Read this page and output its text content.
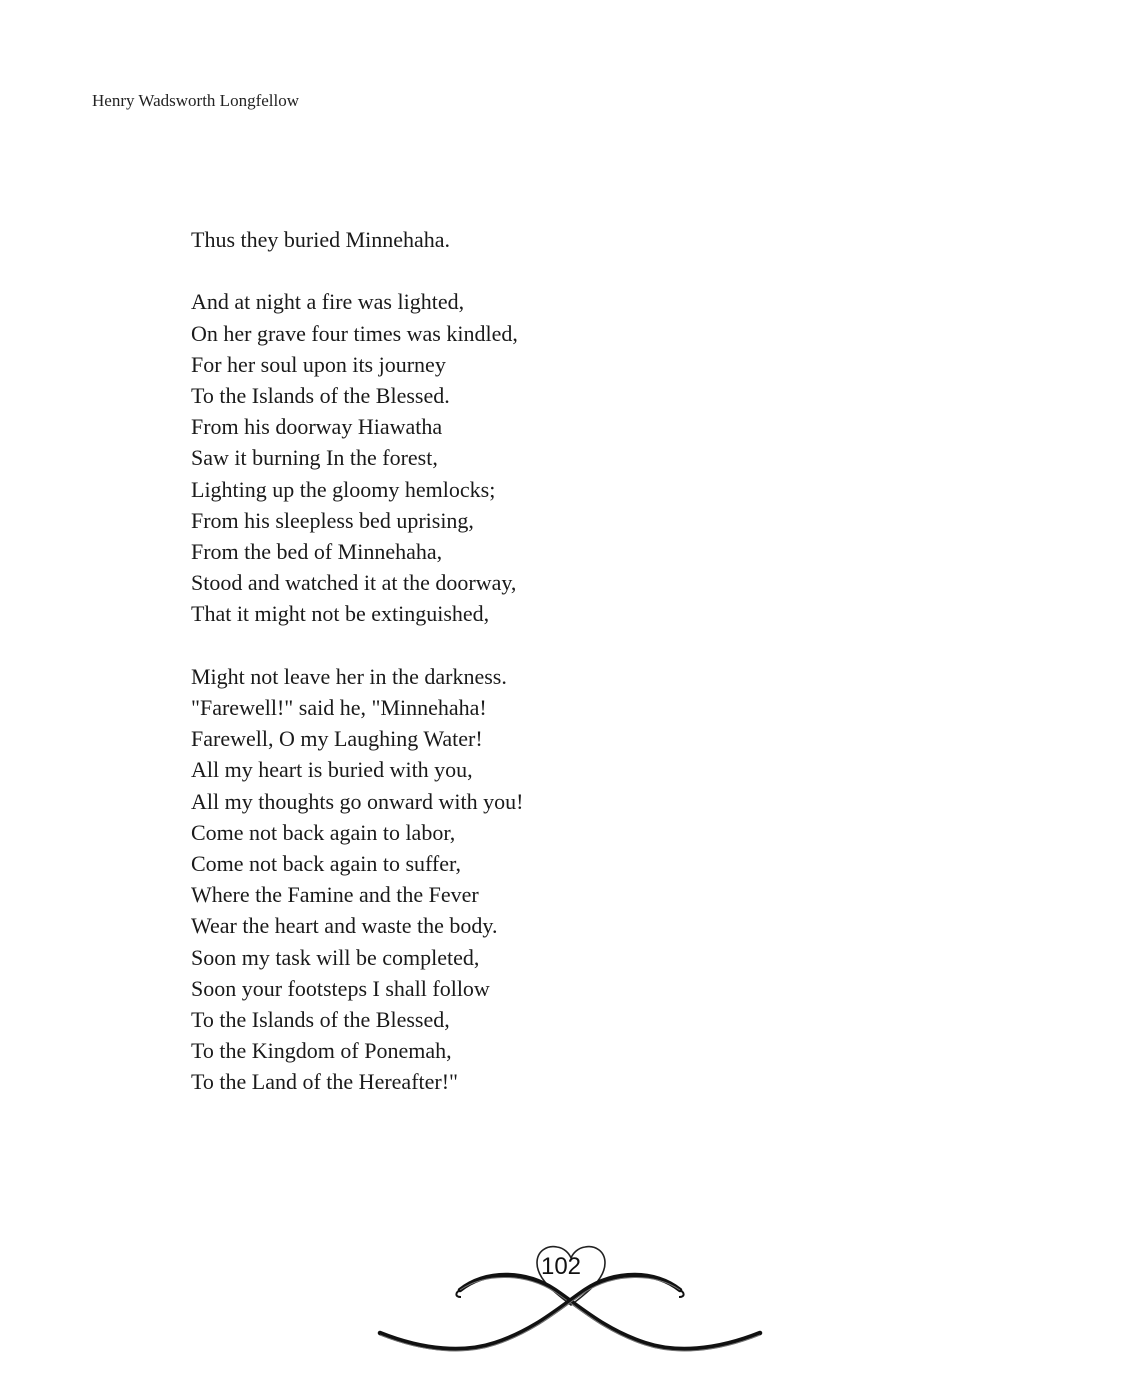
Henry Wadsworth Longfellow
Thus they buried Minnehaha.
And at night a fire was lighted,
On her grave four times was kindled,
For her soul upon its journey
To the Islands of the Blessed.
From his doorway Hiawatha
Saw it burning In the forest,
Lighting up the gloomy hemlocks;
From his sleepless bed uprising,
From the bed of Minnehaha,
Stood and watched it at the doorway,
That it might not be extinguished,
Might not leave her in the darkness.
"Farewell!" said he, "Minnehaha!
Farewell, O my Laughing Water!
All my heart is buried with you,
All my thoughts go onward with you!
Come not back again to labor,
Come not back again to suffer,
Where the Famine and the Fever
Wear the heart and waste the body.
Soon my task will be completed,
Soon your footsteps I shall follow
To the Islands of the Blessed,
To the Kingdom of Ponemah,
To the Land of the Hereafter!"
102
